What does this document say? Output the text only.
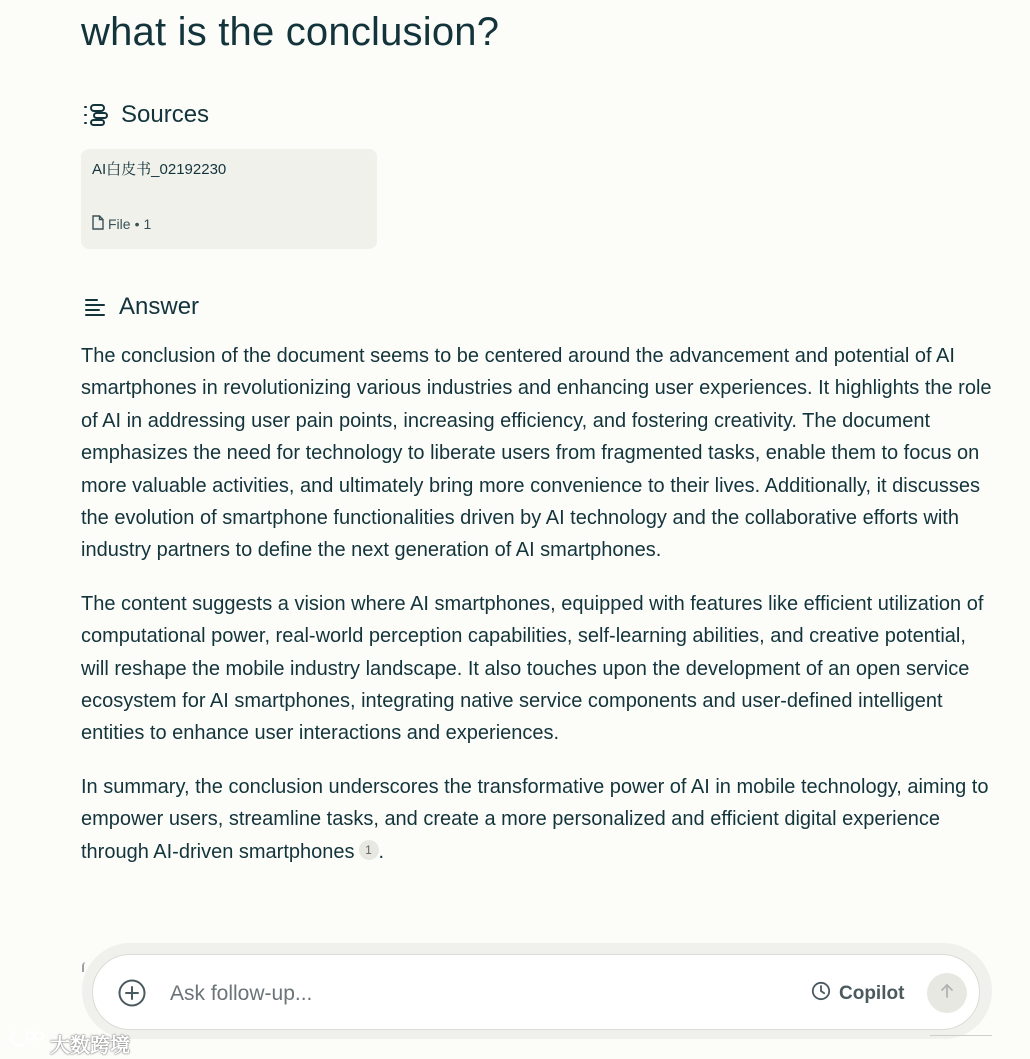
what is the conclusion?
Sources
AI白皮书_02192230
File • 1
Answer

The conclusion of the document seems to be centered around the advancement and potential of AI smartphones in revolutionizing various industries and enhancing user experiences. It highlights the role of AI in addressing user pain points, increasing efficiency, and fostering creativity. The document emphasizes the need for technology to liberate users from fragmented tasks, enable them to focus on more valuable activities, and ultimately bring more convenience to their lives. Additionally, it discusses the evolution of smartphone functionalities driven by AI technology and the collaborative efforts with industry partners to define the next generation of AI smartphones.

The content suggests a vision where AI smartphones, equipped with features like efficient utilization of computational power, real-world perception capabilities, self-learning abilities, and creative potential, will reshape the mobile industry landscape. It also touches upon the development of an open service ecosystem for AI smartphones, integrating native service components and user-defined intelligent entities to enhance user interactions and experiences.

In summary, the conclusion underscores the transformative power of AI in mobile technology, aiming to empower users, streamline tasks, and create a more personalized and efficient digital experience through AI-driven smartphones 1 .

Ask follow-up...
Copilot
大数跨境
